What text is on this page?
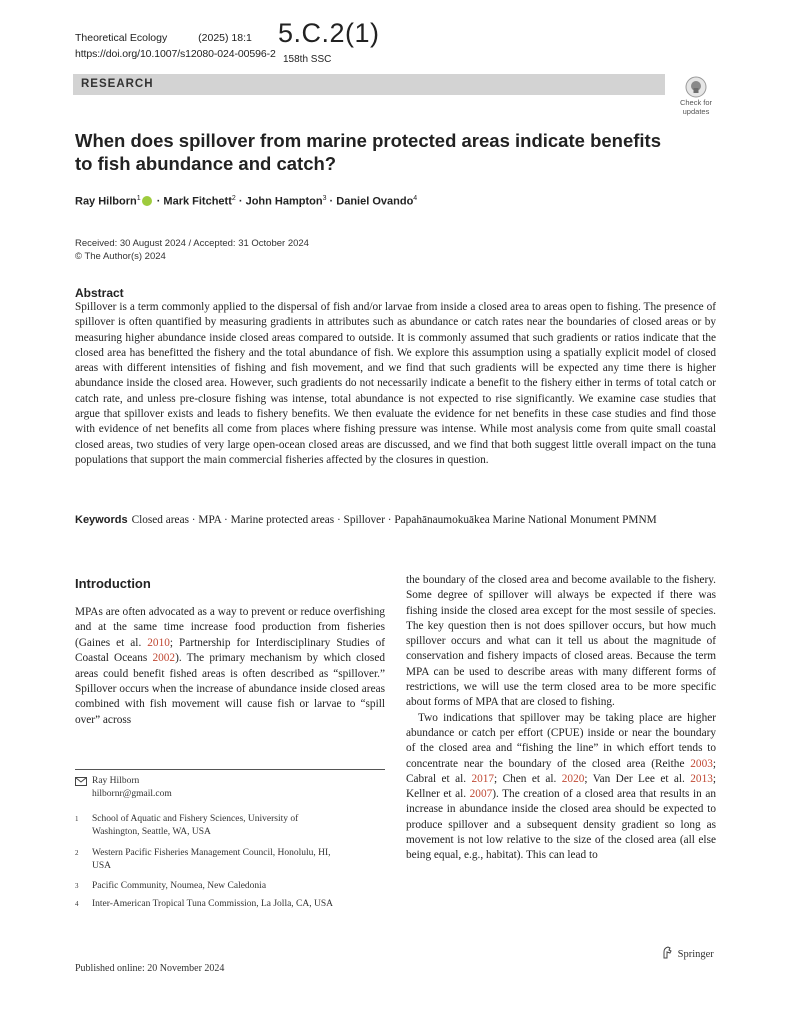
Theoretical Ecology	(2025) 18:1
https://doi.org/10.1007/s12080-024-00596-2
5.C.2(1)
158th SSC
RESEARCH
Check for
updates
When does spillover from marine protected areas indicate benefits to fish abundance and catch?
Ray Hilborn$^1$ · Mark Fitchett$^2$ · John Hampton$^3$ · Daniel Ovando$^4$
Received: 30 August 2024 / Accepted: 31 October 2024
© The Author(s) 2024
Abstract
Spillover is a term commonly applied to the dispersal of fish and/or larvae from inside a closed area to areas open to fishing. The presence of spillover is often quantified by measuring gradients in attributes such as abundance or catch rates near the boundaries of closed areas or by measuring higher abundance inside closed areas compared to outside. It is commonly assumed that such gradients or ratios indicate that the closed area has benefitted the fishery and the total abundance of fish. We explore this assumption using a spatially explicit model of closed areas with different intensities of fishing and fish movement, and we find that such gradients will be expected any time there is higher abundance inside the closed area. However, such gradients do not necessarily indicate a benefit to the fishery either in terms of total catch or catch rate, and unless pre-closure fishing was intense, total abundance is not expected to rise significantly. We examine case studies that argue that spillover exists and leads to fishery benefits. We then evaluate the evidence for net benefits in these case studies and find those with evidence of net benefits all come from places where fishing pressure was intense. While most analysis come from quite small coastal closed areas, two studies of very large open-ocean closed areas are discussed, and we find that both suggest little overall impact on the tuna populations that support the main commercial fisheries affected by the closures in question.
Keywords Closed areas · MPA · Marine protected areas · Spillover · Papahānaumokuākea Marine National Monument PMNM
Introduction
MPAs are often advocated as a way to prevent or reduce overfishing and at the same time increase food production from fisheries (Gaines et al. 2010; Partnership for Interdisciplinary Studies of Coastal Oceans 2002). The primary mechanism by which closed areas could benefit fished areas is often described as “spillover.” Spillover occurs when the increase of abundance inside closed areas combined with fish movement will cause fish or larvae to “spill over” across

the boundary of the closed area and become available to the fishery. Some degree of spillover will always be expected if there was fishing inside the closed area except for the most sessile of species. The key question then is not does spillover occurs, but how much spillover occurs and what can it tell us about the magnitude of conservation and fishery impacts of closed areas. Because the term MPA can be used to describe areas with many different forms of restrictions, we will use the term closed area to be more specific about forms of MPA that are closed to fishing.

Two indications that spillover may be taking place are higher abundance or catch per effort (CPUE) inside or near the boundary of the closed area and “fishing the line” in which effort tends to concentrate near the boundary of the closed area (Reithe 2003; Cabral et al. 2017; Chen et al. 2020; Van Der Lee et al. 2013; Kellner et al. 2007). The creation of a closed area that results in an increase in abundance inside the closed area should be expected to produce spillover and a subsequent density gradient so long as movement is not low relative to the size of the closed area (all else being equal, e.g., habitat). This can lead to

Ray Hilborn
hilbornr@gmail.com
1 School of Aquatic and Fishery Sciences, University of Washington, Seattle, WA, USA
2 Western Pacific Fisheries Management Council, Honolulu, HI, USA
3 Pacific Community, Noumea, New Caledonia
4 Inter-American Tropical Tuna Commission, La Jolla, CA, USA
Published online: 20 November 2024
Springer
